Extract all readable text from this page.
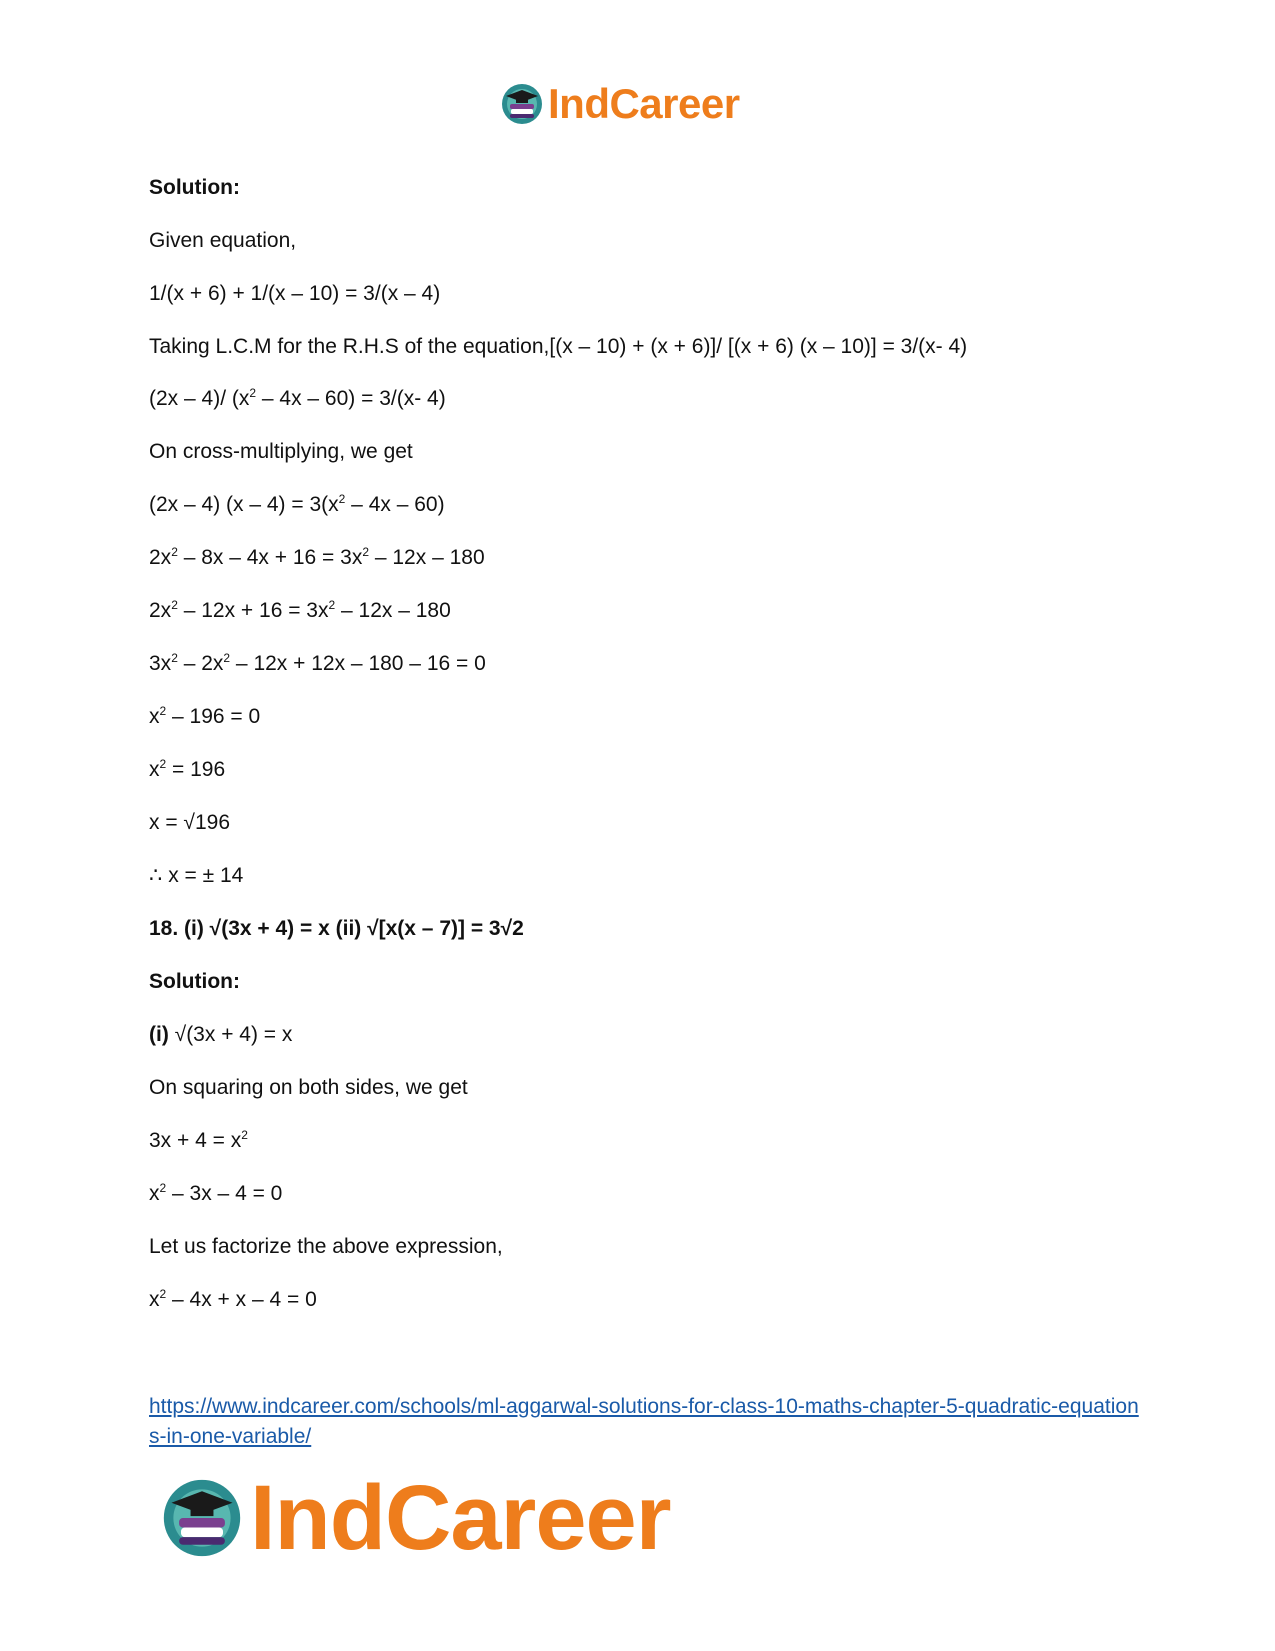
IndCareer
Solution:
Given equation,
1/(x + 6) + 1/(x – 10) = 3/(x – 4)
Taking L.C.M for the R.H.S of the equation,[(x – 10) + (x + 6)]/ [(x + 6) (x – 10)] = 3/(x- 4)
(2x – 4)/ $(x^2 - 4x - 60) = 3/(x-$ 4)
On cross-multiplying, we get
(2x – 4) $(x - 4) = 3(x^2 - 4x - 60)$
$2x^2 - 8x - 4x + 16 = 3x^2 - 12x - 180$
$2x^2 - 12x + 16 = 3x^2 - 12x - 180$
$3x^2 - 2x^2 - 12x + 12x - 180 - 16 = 0$
$x^2 - 196 = 0$
$x^2 = 196$
x = √196
∴ x = ± 14
18. (i) √(3x + 4) = x (ii) √[x(x – 7)] = 3√2
Solution:
(i) √(3x + 4) = x
On squaring on both sides, we get
$3x + 4 = x^2$
$x^2 - 3x - 4 = 0$
Let us factorize the above expression,
$x^2 - 4x + x - 4 = 0$
https://www.indcareer.com/schools/ml-aggarwal-solutions-for-class-10-maths-chapter-5-quadratic-equations-in-one-variable/
IndCareer
